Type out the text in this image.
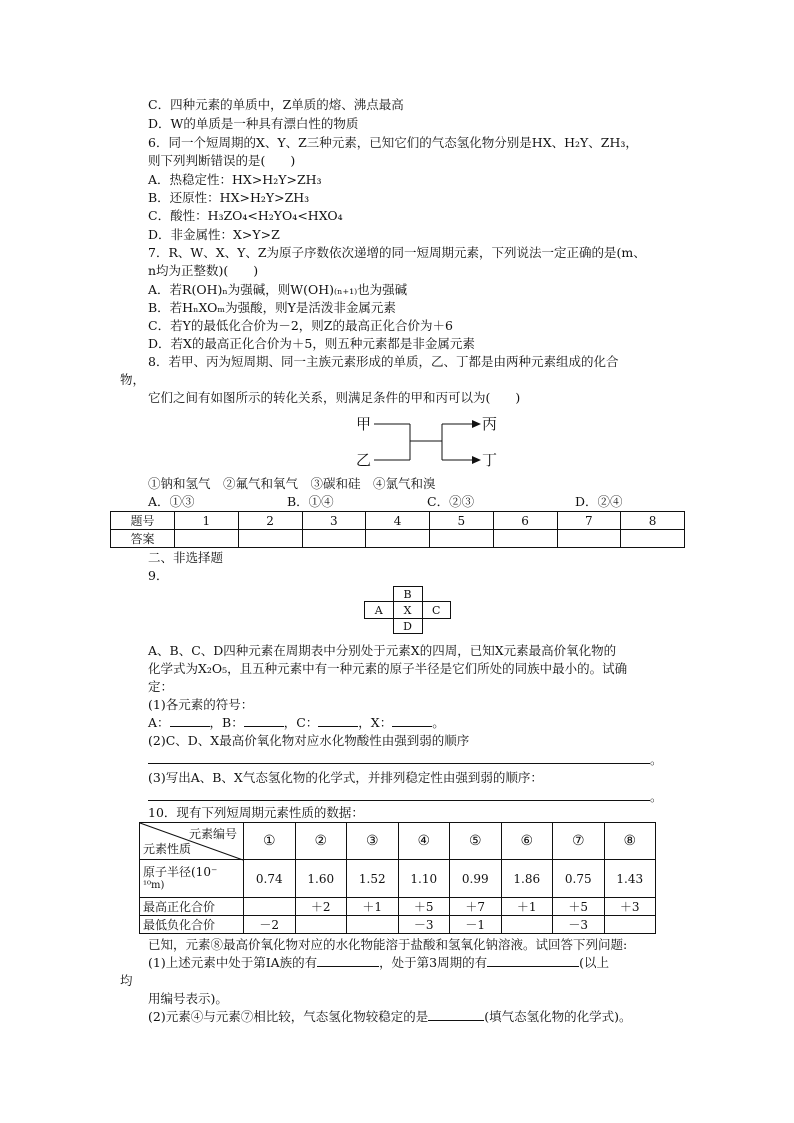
C．四种元素的单质中，Z单质的熔、沸点最高
D．W的单质是一种具有漂白性的物质
6．同一个短周期的X、Y、Z三种元素，已知它们的气态氢化物分别是HX、H₂Y、ZH₃，
则下列判断错误的是(　　)
A．热稳定性：HX>H₂Y>ZH₃
B．还原性：HX>H₂Y>ZH₃
C．酸性：H₃ZO₄<H₂YO₄<HXO₄
D．非金属性：X>Y>Z
7．R、W、X、Y、Z为原子序数依次递增的同一短周期元素，下列说法一定正确的是(m、
n均为正整数)(　　)
A．若R(OH)ₙ为强碱，则W(OH)₍ₙ₊₁₎也为强碱
B．若HₙXOₘ为强酸，则Y是活泼非金属元素
C．若Y的最低化合价为－2，则Z的最高正化合价为＋6
D．若X的最高正化合价为＋5，则五种元素都是非金属元素
8．若甲、丙为短周期、同一主族元素形成的单质，乙、丁都是由两种元素组成的化合
物，
它们之间有如图所示的转化关系，则满足条件的甲和丙可以为(　　)
甲
乙
丙
丁
①钠和氢气　②氟气和氧气　③碳和硅　④氯气和溴
A．①③	B．①④	C．②③	D．②④
题号	1	2	3	4	5	6	7	8
答案								
二、非选择题
9．
	B	
A	X	C
	D	
A、B、C、D四种元素在周期表中分别处于元素X的四周，已知X元素最高价氧化物的
化学式为X₂O₅，且五种元素中有一种元素的原子半径是它们所处的同族中最小的。试确
定：
(1)各元素的符号：
A：	，B：	，C：	，X：	。
(2)C、D、X最高价氧化物对应水化物酸性由强到弱的顺序
。
(3)写出A、B、X气态氢化物的化学式，并排列稳定性由强到弱的顺序：
。
10．现有下列短周期元素性质的数据：
元素编号
元素性质	①	②	③	④	⑤	⑥	⑦	⑧

原子半径(10⁻
¹⁰m)	0.74	1.60	1.52	1.10	0.99	1.86	0.75	1.43
最高正化合价		＋2	＋1	＋5	＋7	＋1	＋5	＋3
最低负化合价	－2			－3	－1		－3	
已知，元素⑧最高价氧化物对应的水化物能溶于盐酸和氢氧化钠溶液。试回答下列问题:
(1)上述元素中处于第ⅠA族的有	，处于第3周期的有	(以上
均
用编号表示)。
(2)元素④与元素⑦相比较，气态氢化物较稳定的是	(填气态氢化物的化学式)。
